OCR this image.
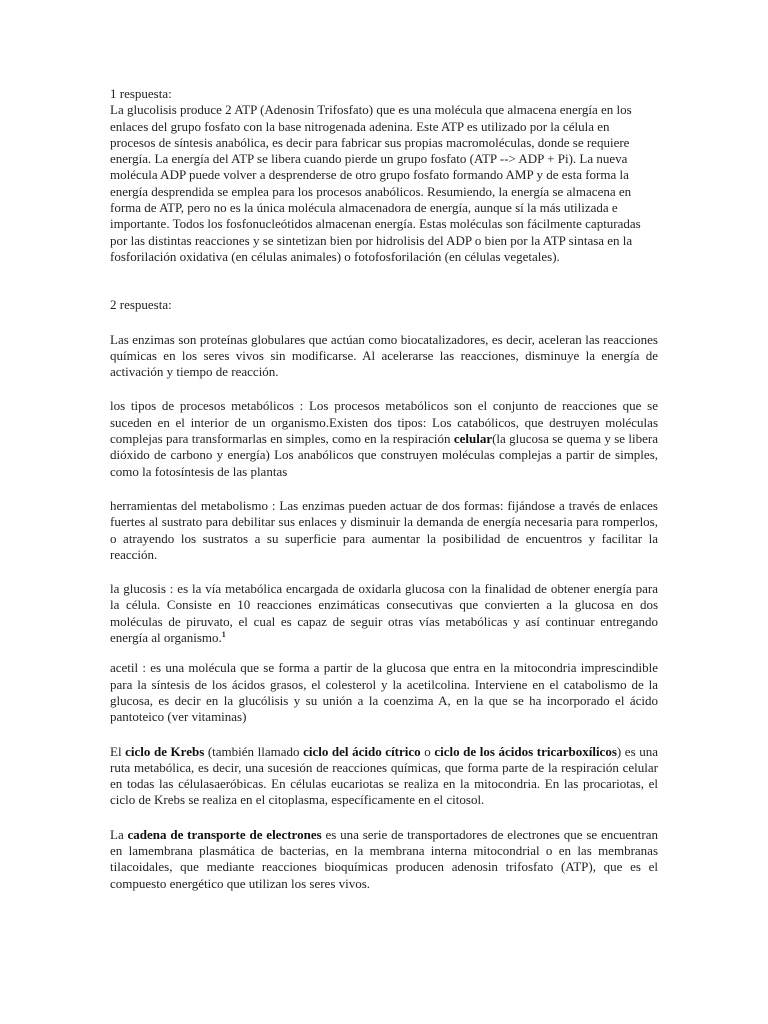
1 respuesta:

La glucolisis produce 2 ATP (Adenosin Trifosfato) que es una molécula que almacena energía en los enlaces del grupo fosfato con la base nitrogenada adenina. Este ATP es utilizado por la célula en procesos de síntesis anabólica, es decir para fabricar sus propias macromoléculas, donde se requiere energía. La energía del ATP se libera cuando pierde un grupo fosfato (ATP --> ADP + Pi). La nueva molécula ADP puede volver a desprenderse de otro grupo fosfato formando AMP y de esta forma la energía desprendida se emplea para los procesos anabólicos. Resumiendo, la energía se almacena en forma de ATP, pero no es la única molécula almacenadora de energía, aunque sí la más utilizada e importante. Todos los fosfonucleótidos almacenan energía. Estas moléculas son fácilmente capturadas por las distintas reacciones y se sintetizan bien por hidrolisis del ADP o bien por la ATP sintasa en la fosforilación oxidativa (en células animales) o fotofosforilación (en células vegetales).

2 respuesta:

Las enzimas son proteínas globulares que actúan como biocatalizadores, es decir, aceleran las reacciones químicas en los seres vivos sin modificarse. Al acelerarse las reacciones, disminuye la energía de activación y tiempo de reacción.

los tipos de procesos metabólicos : Los procesos metabólicos son el conjunto de reacciones que se suceden en el interior de un organismo.Existen dos tipos: Los catabólicos, que destruyen moléculas complejas para transformarlas en simples, como en la respiración celular(la glucosa se quema y se libera dióxido de carbono y energía) Los anabólicos que construyen moléculas complejas a partir de simples, como la fotosíntesis de las plantas

herramientas del metabolismo : Las enzimas pueden actuar de dos formas: fijándose a través de enlaces fuertes al sustrato para debilitar sus enlaces y disminuir la demanda de energía necesaria para romperlos, o atrayendo los sustratos a su superficie para aumentar la posibilidad de encuentros y facilitar la reacción.

la glucosis : es la vía metabólica encargada de oxidarla glucosa con la finalidad de obtener energía para la célula. Consiste en 10 reacciones enzimáticas consecutivas que convierten a la glucosa en dos moléculas de piruvato, el cual es capaz de seguir otras vías metabólicas y así continuar entregando energía al organismo.$^1$

acetil : es una molécula que se forma a partir de la glucosa que entra en la mitocondria imprescindible para la síntesis de los ácidos grasos, el colesterol y la acetilcolina. Interviene en el catabolismo de la glucosa, es decir en la glucólisis y su unión a la coenzima A, en la que se ha incorporado el ácido pantoteico (ver vitaminas)

El ciclo de Krebs (también llamado ciclo del ácido cítrico o ciclo de los ácidos tricarboxílicos) es una ruta metabólica, es decir, una sucesión de reacciones químicas, que forma parte de la respiración celular en todas las célulasaeróbicas. En células eucariotas se realiza en la mitocondria. En las procariotas, el ciclo de Krebs se realiza en el citoplasma, específicamente en el citosol.

La cadena de transporte de electrones es una serie de transportadores de electrones que se encuentran en lamembrana plasmática de bacterias, en la membrana interna mitocondrial o en las membranas tilacoidales, que mediante reacciones bioquímicas producen adenosin trifosfato (ATP), que es el compuesto energético que utilizan los seres vivos.
